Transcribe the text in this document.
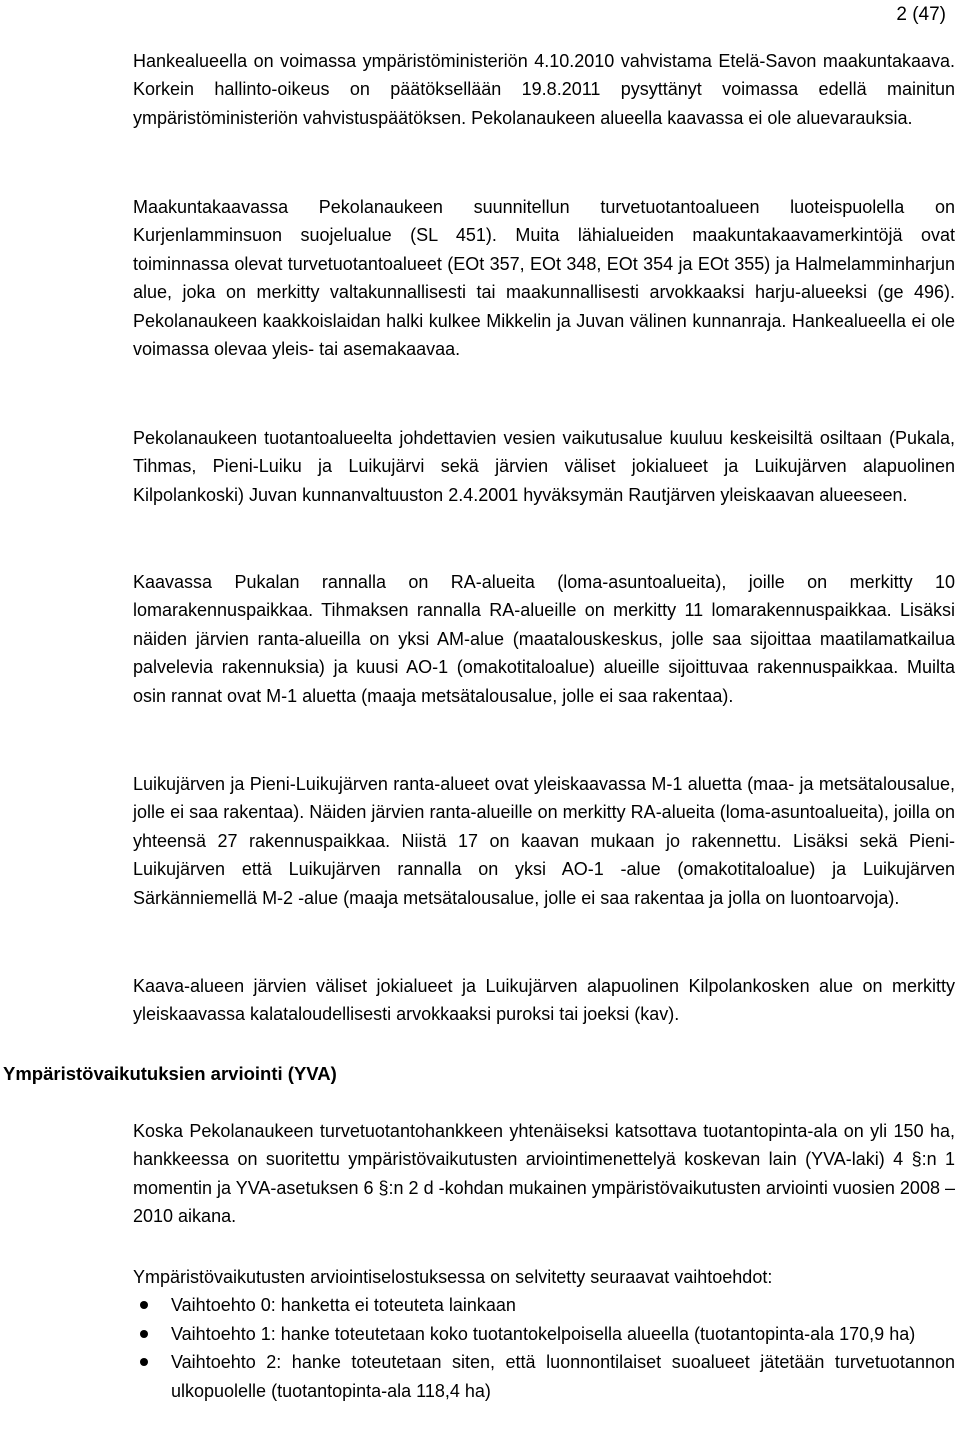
2 (47)

Hankealueella on voimassa ympäristöministeriön 4.10.2010 vahvistama Etelä-Savon maakuntakaava. Korkein hallinto-oikeus on päätöksellään 19.8.2011 pysyttänyt voimassa edellä mainitun ympäristöministeriön vahvistuspäätöksen. Pekolanaukeen alueella kaavassa ei ole aluevarauksia.

Maakuntakaavassa Pekolanaukeen suunnitellun turvetuotantoalueen luoteispuolella on Kurjenlamminsuon suojelualue (SL 451). Muita lähialueiden maakuntakaavamerkintöjä ovat toiminnassa olevat turvetuotantoalueet (EOt 357, EOt 348, EOt 354 ja EOt 355) ja Halmelamminharjun alue, joka on merkitty valtakunnallisesti tai maakunnallisesti arvokkaaksi harju-alueeksi (ge 496). Pekolanaukeen kaakkoislaidan halki kulkee Mikkelin ja Juvan välinen kunnanraja. Hankealueella ei ole voimassa olevaa yleis- tai asemakaavaa.

Pekolanaukeen tuotantoalueelta johdettavien vesien vaikutusalue kuuluu keskeisiltä osiltaan (Pukala, Tihmas, Pieni-Luiku ja Luikujärvi sekä järvien väliset jokialueet ja Luikujärven alapuolinen Kilpolankoski) Juvan kunnanvaltuuston 2.4.2001 hyväksymän Rautjärven yleiskaavan alueeseen.

Kaavassa Pukalan rannalla on RA-alueita (loma-asuntoalueita), joille on merkitty 10 lomarakennuspaikkaa. Tihmaksen rannalla RA-alueille on merkitty 11 lomarakennuspaikkaa. Lisäksi näiden järvien ranta-alueilla on yksi AM-alue (maatalouskeskus, jolle saa sijoittaa maatilamatkailua palvelevia rakennuksia) ja kuusi AO-1 (omakotitaloalue) alueille sijoittuvaa rakennuspaikkaa. Muilta osin rannat ovat M-1 aluetta (maaja metsätalousalue, jolle ei saa rakentaa).

Luikujärven ja Pieni-Luikujärven ranta-alueet ovat yleiskaavassa M-1 aluetta (maa- ja metsätalousalue, jolle ei saa rakentaa). Näiden järvien ranta-alueille on merkitty RA-alueita (loma-asuntoalueita), joilla on yhteensä 27 rakennuspaikkaa. Niistä 17 on kaavan mukaan jo rakennettu. Lisäksi sekä Pieni-Luikujärven että Luikujärven rannalla on yksi AO-1 -alue (omakotitaloalue) ja Luikujärven Särkänniemellä M-2 -alue (maaja metsätalousalue, jolle ei saa rakentaa ja jolla on luontoarvoja).

Kaava-alueen järvien väliset jokialueet ja Luikujärven alapuolinen Kilpolankosken alue on merkitty yleiskaavassa kalataloudellisesti arvokkaaksi puroksi tai joeksi (kav).

Ympäristövaikutuksien arviointi (YVA)

Koska Pekolanaukeen turvetuotantohankkeen yhtenäiseksi katsottava tuotantopinta-ala on yli 150 ha, hankkeessa on suoritettu ympäristövaikutusten arviointimenettelyä koskevan lain (YVA-laki) 4 §:n 1 momentin ja YVA-asetuksen 6 §:n 2 d -kohdan mukainen ympäristövaikutusten arviointi vuosien 2008 – 2010 aikana.

Ympäristövaikutusten arviointiselostuksessa on selvitetty seuraavat vaihtoehdot:

Vaihtoehto 0: hanketta ei toteuteta lainkaan
Vaihtoehto 1: hanke toteutetaan koko tuotantokelpoisella alueella (tuotantopinta-ala 170,9 ha)
Vaihtoehto 2: hanke toteutetaan siten, että luonnontilaiset suoalueet jätetään turvetuotannon ulkopuolelle (tuotantopinta-ala 118,4 ha)
